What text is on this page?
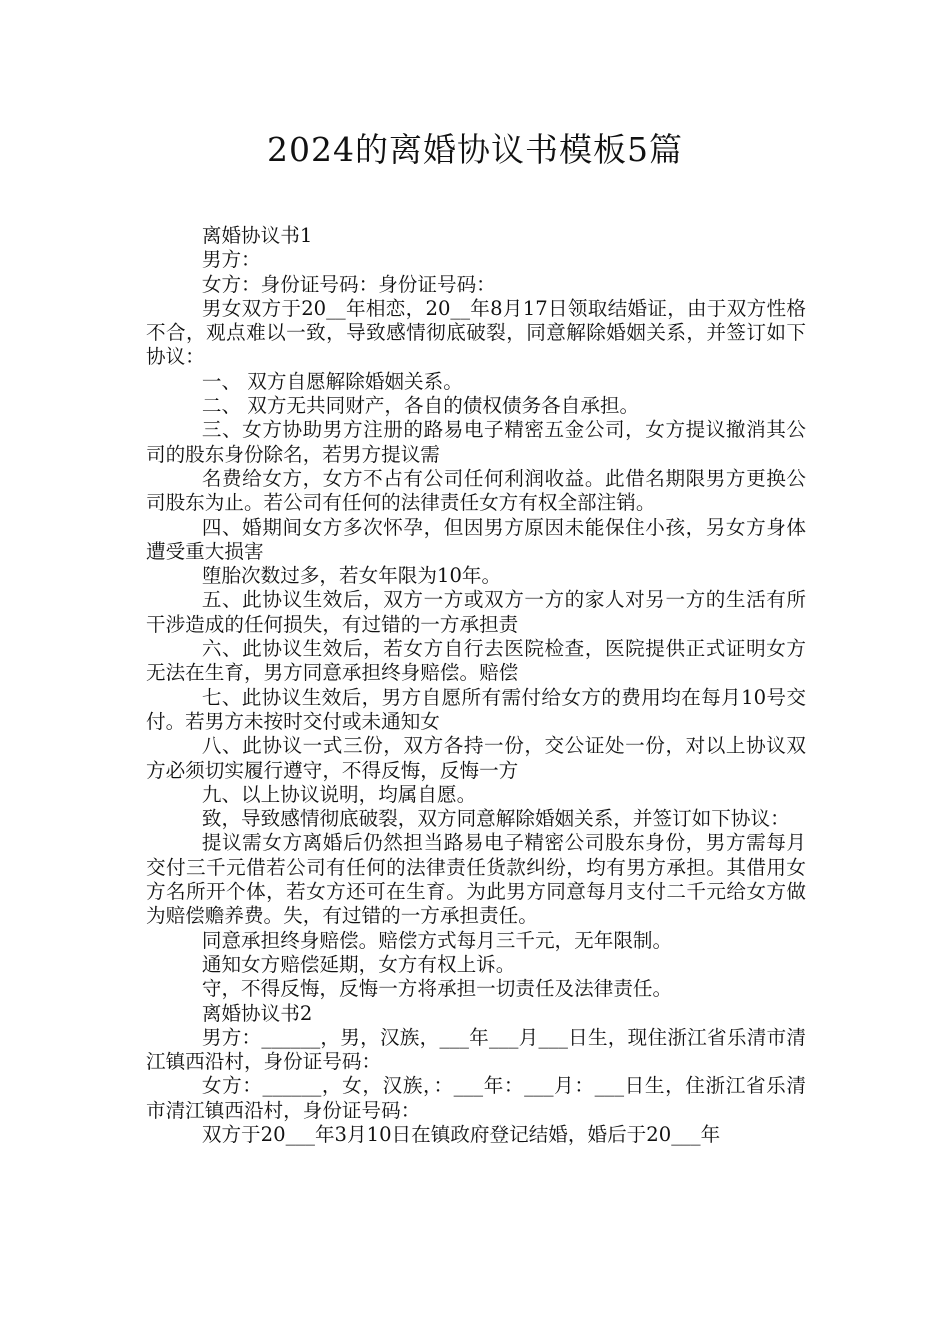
2024的离婚协议书模板5篇

离婚协议书1

男方：

女方：身份证号码：身份证号码：

男女双方于20__年相恋，20__年8月17日领取结婚证，由于双方性格不合，观点难以一致，导致感情彻底破裂，同意解除婚姻关系，并签订如下协议：

一、 双方自愿解除婚姻关系。

二、 双方无共同财产，各自的债权债务各自承担。

三、女方协助男方注册的路易电子精密五金公司，女方提议撤消其公司的股东身份除名，若男方提议需

名费给女方，女方不占有公司任何利润收益。此借名期限男方更换公司股东为止。若公司有任何的法律责任女方有权全部注销。

四、婚期间女方多次怀孕，但因男方原因未能保住小孩，另女方身体遭受重大损害

堕胎次数过多，若女年限为10年。

五、此协议生效后，双方一方或双方一方的家人对另一方的生活有所干涉造成的任何损失，有过错的一方承担责

六、此协议生效后，若女方自行去医院检查，医院提供正式证明女方无法在生育，男方同意承担终身赔偿。赔偿

七、此协议生效后，男方自愿所有需付给女方的费用均在每月10号交付。若男方未按时交付或未通知女

八、此协议一式三份，双方各持一份，交公证处一份，对以上协议双方必须切实履行遵守，不得反悔，反悔一方

九、以上协议说明，均属自愿。

致，导致感情彻底破裂，双方同意解除婚姻关系，并签订如下协议：

提议需女方离婚后仍然担当路易电子精密公司股东身份，男方需每月交付三千元借若公司有任何的法律责任货款纠纷，均有男方承担。其借用女方名所开个体，若女方还可在生育。为此男方同意每月支付二千元给女方做为赔偿赡养费。失，有过错的一方承担责任。

同意承担终身赔偿。赔偿方式每月三千元，无年限制。

通知女方赔偿延期，女方有权上诉。

守，不得反悔，反悔一方将承担一切责任及法律责任。

离婚协议书2

男方：______，男，汉族，___年___月___日生，现住浙江省乐清市清江镇西沿村，身份证号码：

女方：______，女，汉族，：___年：___月：___日生，住浙江省乐清市清江镇西沿村，身份证号码：

双方于20___年3月10日在镇政府登记结婚，婚后于20___年
